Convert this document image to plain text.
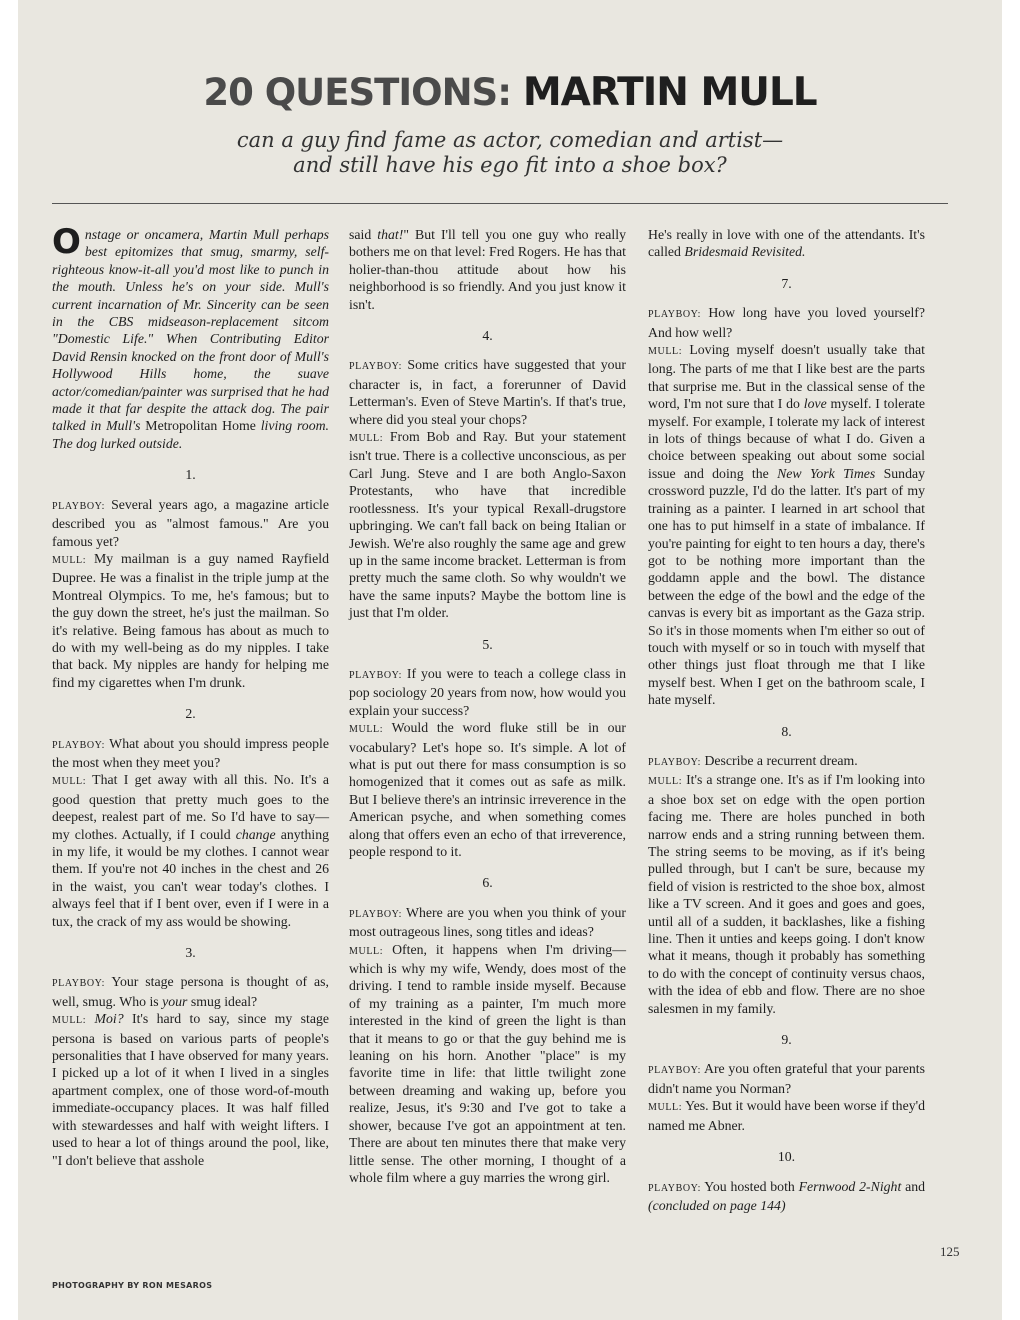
20 QUESTIONS: MARTIN MULL
can a guy find fame as actor, comedian and artist—
and still have his ego fit into a shoe box?

Onstage or oncamera, Martin Mull perhaps best epitomizes that smug, smarmy, self-righteous know-it-all you'd most like to punch in the mouth. Unless he's on your side. Mull's current incarnation of Mr. Sincerity can be seen in the CBS midseason-replacement sitcom "Domestic Life." When Contributing Editor David Rensin knocked on the front door of Mull's Hollywood Hills home, the suave actor/comedian/painter was surprised that he had made it that far despite the attack dog. The pair talked in Mull's Metropolitan Home living room. The dog lurked outside.

1.

PLAYBOY: Several years ago, a magazine article described you as "almost famous." Are you famous yet?

MULL: My mailman is a guy named Rayfield Dupree. He was a finalist in the triple jump at the Montreal Olympics. To me, he's famous; but to the guy down the street, he's just the mailman. So it's relative. Being famous has about as much to do with my well-being as do my nipples. I take that back. My nipples are handy for helping me find my cigarettes when I'm drunk.

2.

PLAYBOY: What about you should impress people the most when they meet you?

MULL: That I get away with all this. No. It's a good question that pretty much goes to the deepest, realest part of me. So I'd have to say—my clothes. Actually, if I could change anything in my life, it would be my clothes. I cannot wear them. If you're not 40 inches in the chest and 26 in the waist, you can't wear today's clothes. I always feel that if I bent over, even if I were in a tux, the crack of my ass would be showing.

3.

PLAYBOY: Your stage persona is thought of as, well, smug. Who is your smug ideal?

MULL: Moi? It's hard to say, since my stage persona is based on various parts of people's personalities that I have observed for many years. I picked up a lot of it when I lived in a singles apartment complex, one of those word-of-mouth immediate-occupancy places. It was half filled with stewardesses and half with weight lifters. I used to hear a lot of things around the pool, like, "I don't believe that asshole

said that!" But I'll tell you one guy who really bothers me on that level: Fred Rogers. He has that holier-than-thou attitude about how his neighborhood is so friendly. And you just know it isn't.

4.

PLAYBOY: Some critics have suggested that your character is, in fact, a forerunner of David Letterman's. Even of Steve Martin's. If that's true, where did you steal your chops?

MULL: From Bob and Ray. But your statement isn't true. There is a collective unconscious, as per Carl Jung. Steve and I are both Anglo-Saxon Protestants, who have that incredible rootlessness. It's your typical Rexall-drugstore upbringing. We can't fall back on being Italian or Jewish. We're also roughly the same age and grew up in the same income bracket. Letterman is from pretty much the same cloth. So why wouldn't we have the same inputs? Maybe the bottom line is just that I'm older.

5.

PLAYBOY: If you were to teach a college class in pop sociology 20 years from now, how would you explain your success?

MULL: Would the word fluke still be in our vocabulary? Let's hope so. It's simple. A lot of what is put out there for mass consumption is so homogenized that it comes out as safe as milk. But I believe there's an intrinsic irreverence in the American psyche, and when something comes along that offers even an echo of that irreverence, people respond to it.

6.

PLAYBOY: Where are you when you think of your most outrageous lines, song titles and ideas?

MULL: Often, it happens when I'm driving—which is why my wife, Wendy, does most of the driving. I tend to ramble inside myself. Because of my training as a painter, I'm much more interested in the kind of green the light is than that it means to go or that the guy behind me is leaning on his horn. Another "place" is my favorite time in life: that little twilight zone between dreaming and waking up, before you realize, Jesus, it's 9:30 and I've got to take a shower, because I've got an appointment at ten. There are about ten minutes there that make very little sense. The other morning, I thought of a whole film where a guy marries the wrong girl.

He's really in love with one of the attendants. It's called Bridesmaid Revisited.

7.

PLAYBOY: How long have you loved yourself? And how well?

MULL: Loving myself doesn't usually take that long. The parts of me that I like best are the parts that surprise me. But in the classical sense of the word, I'm not sure that I do love myself. I tolerate myself. For example, I tolerate my lack of interest in lots of things because of what I do. Given a choice between speaking out about some social issue and doing the New York Times Sunday crossword puzzle, I'd do the latter. It's part of my training as a painter. I learned in art school that one has to put himself in a state of imbalance. If you're painting for eight to ten hours a day, there's got to be nothing more important than the goddamn apple and the bowl. The distance between the edge of the bowl and the edge of the canvas is every bit as important as the Gaza strip. So it's in those moments when I'm either so out of touch with myself or so in touch with myself that other things just float through me that I like myself best. When I get on the bathroom scale, I hate myself.

8.

PLAYBOY: Describe a recurrent dream.

MULL: It's a strange one. It's as if I'm looking into a shoe box set on edge with the open portion facing me. There are holes punched in both narrow ends and a string running between them. The string seems to be moving, as if it's being pulled through, but I can't be sure, because my field of vision is restricted to the shoe box, almost like a TV screen. And it goes and goes and goes, until all of a sudden, it backlashes, like a fishing line. Then it unties and keeps going. I don't know what it means, though it probably has something to do with the concept of continuity versus chaos, with the idea of ebb and flow. There are no shoe salesmen in my family.

9.

PLAYBOY: Are you often grateful that your parents didn't name you Norman?

MULL: Yes. But it would have been worse if they'd named me Abner.

10.

PLAYBOY: You hosted both Fernwood 2-Night and (concluded on page 144)

125
PHOTOGRAPHY BY RON MESAROS
